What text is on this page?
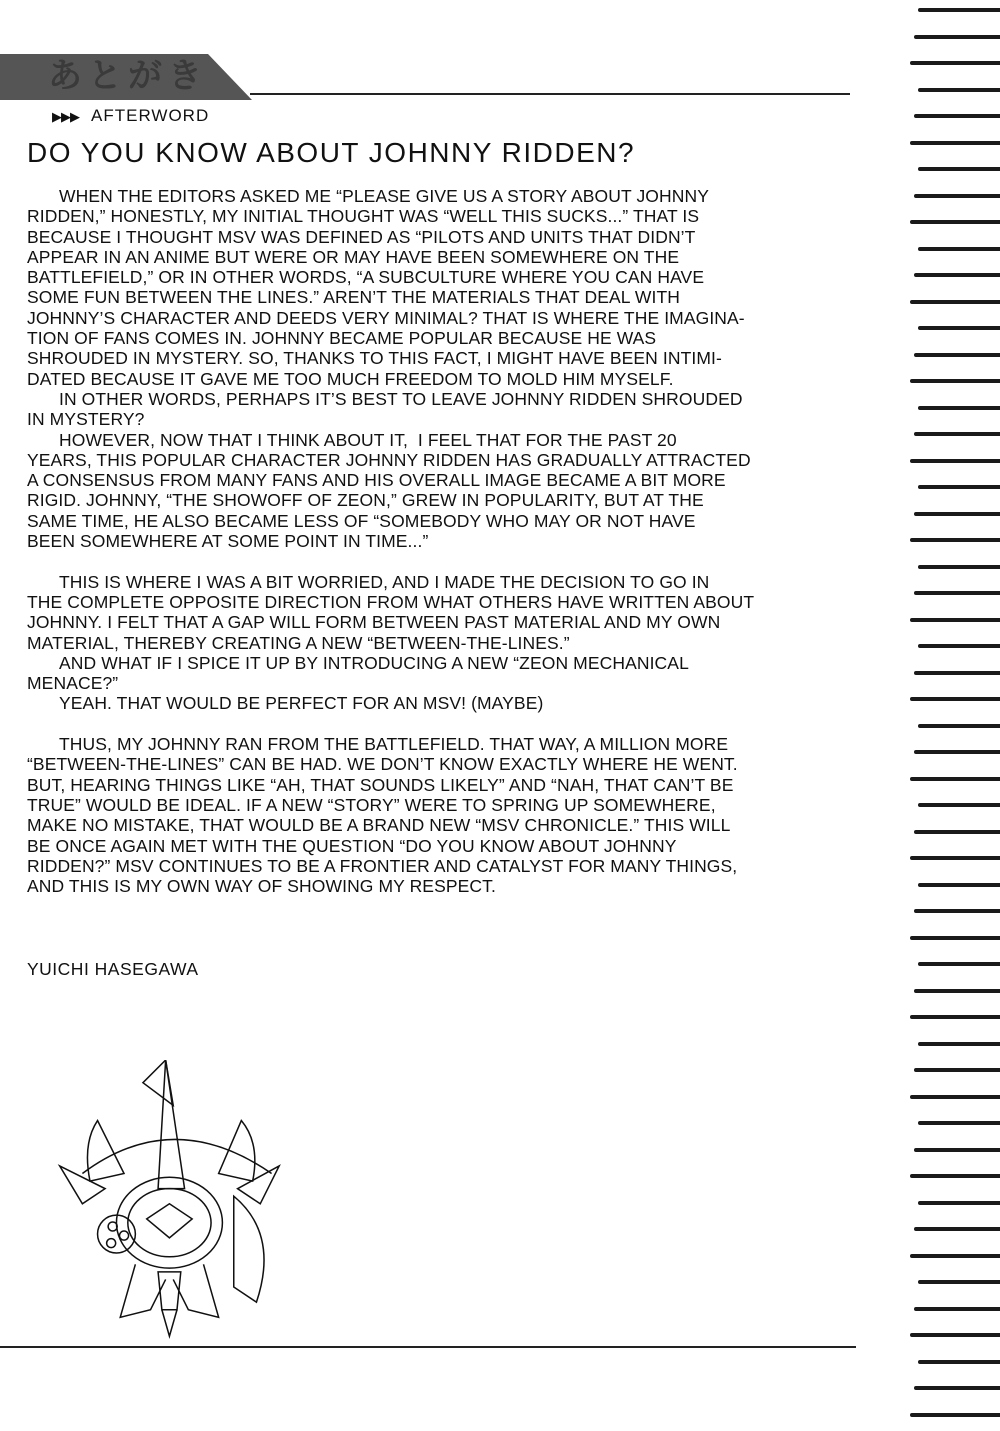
あとがき
▶▶▶ AFTERWORD
DO YOU KNOW ABOUT JOHNNY RIDDEN?
WHEN THE EDITORS ASKED ME “PLEASE GIVE US A STORY ABOUT JOHNNY
RIDDEN,” HONESTLY, MY INITIAL THOUGHT WAS “WELL THIS SUCKS...” THAT IS
BECAUSE I THOUGHT MSV WAS DEFINED AS “PILOTS AND UNITS THAT DIDN’T
APPEAR IN AN ANIME BUT WERE OR MAY HAVE BEEN SOMEWHERE ON THE
BATTLEFIELD,” OR IN OTHER WORDS, “A SUBCULTURE WHERE YOU CAN HAVE
SOME FUN BETWEEN THE LINES.” AREN’T THE MATERIALS THAT DEAL WITH
JOHNNY’S CHARACTER AND DEEDS VERY MINIMAL? THAT IS WHERE THE IMAGINA-
TION OF FANS COMES IN. JOHNNY BECAME POPULAR BECAUSE HE WAS
SHROUDED IN MYSTERY. SO, THANKS TO THIS FACT, I MIGHT HAVE BEEN INTIMI-
DATED BECAUSE IT GAVE ME TOO MUCH FREEDOM TO MOLD HIM MYSELF.
IN OTHER WORDS, PERHAPS IT’S BEST TO LEAVE JOHNNY RIDDEN SHROUDED
IN MYSTERY?
HOWEVER, NOW THAT I THINK ABOUT IT,  I FEEL THAT FOR THE PAST 20
YEARS, THIS POPULAR CHARACTER JOHNNY RIDDEN HAS GRADUALLY ATTRACTED
A CONSENSUS FROM MANY FANS AND HIS OVERALL IMAGE BECAME A BIT MORE
RIGID. JOHNNY, “THE SHOWOFF OF ZEON,” GREW IN POPULARITY, BUT AT THE
SAME TIME, HE ALSO BECAME LESS OF “SOMEBODY WHO MAY OR NOT HAVE
BEEN SOMEWHERE AT SOME POINT IN TIME...”
THIS IS WHERE I WAS A BIT WORRIED, AND I MADE THE DECISION TO GO IN
THE COMPLETE OPPOSITE DIRECTION FROM WHAT OTHERS HAVE WRITTEN ABOUT
JOHNNY. I FELT THAT A GAP WILL FORM BETWEEN PAST MATERIAL AND MY OWN
MATERIAL, THEREBY CREATING A NEW “BETWEEN-THE-LINES.”
AND WHAT IF I SPICE IT UP BY INTRODUCING A NEW “ZEON MECHANICAL
MENACE?”
YEAH. THAT WOULD BE PERFECT FOR AN MSV! (MAYBE)
THUS, MY JOHNNY RAN FROM THE BATTLEFIELD. THAT WAY, A MILLION MORE
“BETWEEN-THE-LINES” CAN BE HAD. WE DON’T KNOW EXACTLY WHERE HE WENT.
BUT, HEARING THINGS LIKE “AH, THAT SOUNDS LIKELY” AND “NAH, THAT CAN’T BE
TRUE” WOULD BE IDEAL. IF A NEW “STORY” WERE TO SPRING UP SOMEWHERE,
MAKE NO MISTAKE, THAT WOULD BE A BRAND NEW “MSV CHRONICLE.” THIS WILL
BE ONCE AGAIN MET WITH THE QUESTION “DO YOU KNOW ABOUT JOHNNY
RIDDEN?” MSV CONTINUES TO BE A FRONTIER AND CATALYST FOR MANY THINGS,
AND THIS IS MY OWN WAY OF SHOWING MY RESPECT.
YUICHI HASEGAWA
